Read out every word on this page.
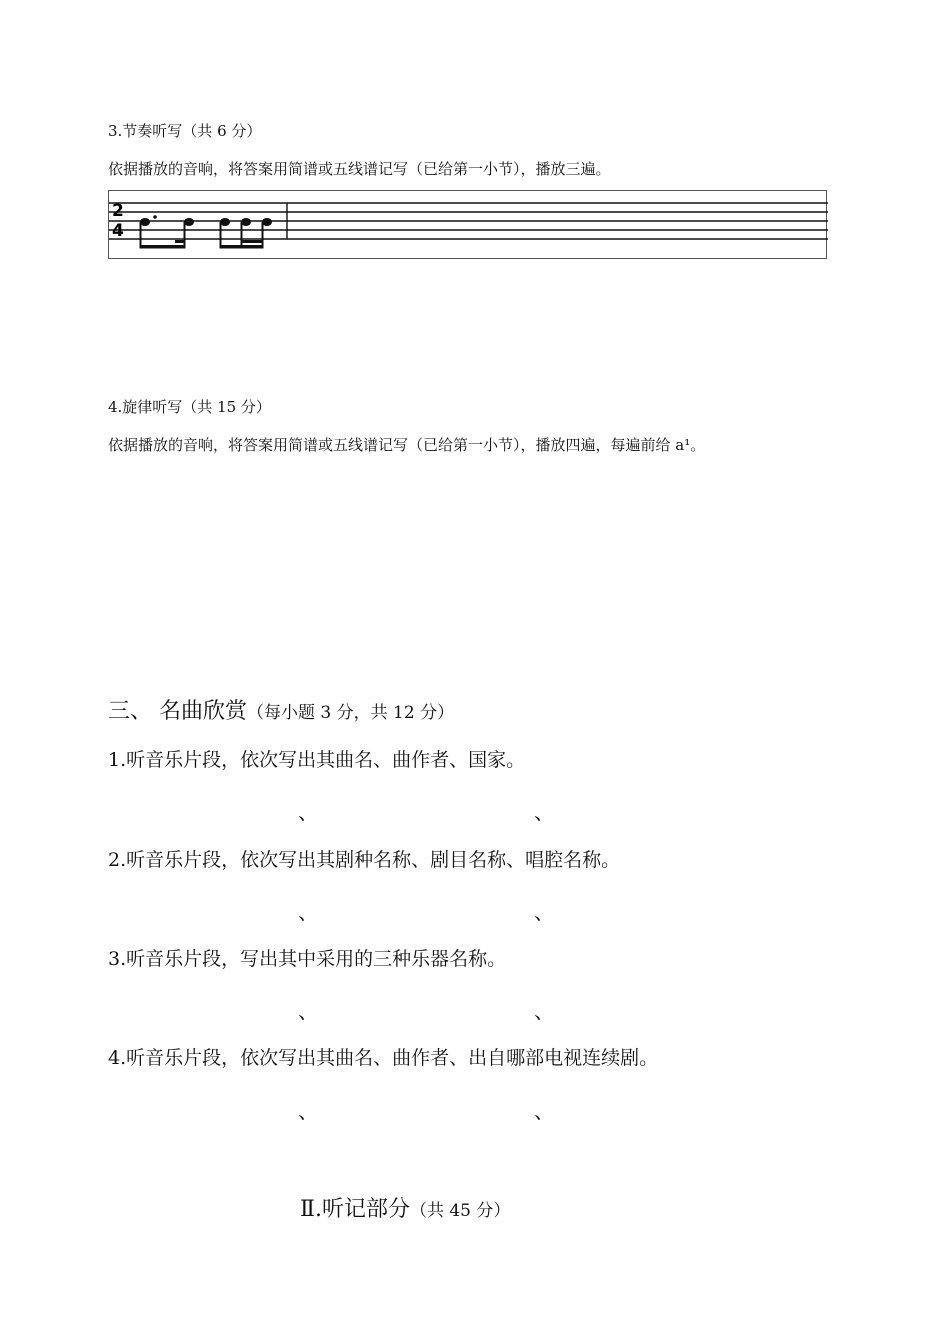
3.节奏听写（共 6 分）
依据播放的音响，将答案用简谱或五线谱记写（已给第一小节），播放三遍。
2
4
4.旋律听写（共 15 分）
依据播放的音响，将答案用简谱或五线谱记写（已给第一小节），播放四遍，每遍前给 a¹。
三、 名曲欣赏（每小题 3 分，共 12 分）
1.听音乐片段，依次写出其曲名、曲作者、国家。
、	、
2.听音乐片段，依次写出其剧种名称、剧目名称、唱腔名称。
、	、
3.听音乐片段，写出其中采用的三种乐器名称。
、	、
4.听音乐片段，依次写出其曲名、曲作者、出自哪部电视连续剧。
、	、
Ⅱ.听记部分（共 45 分）
